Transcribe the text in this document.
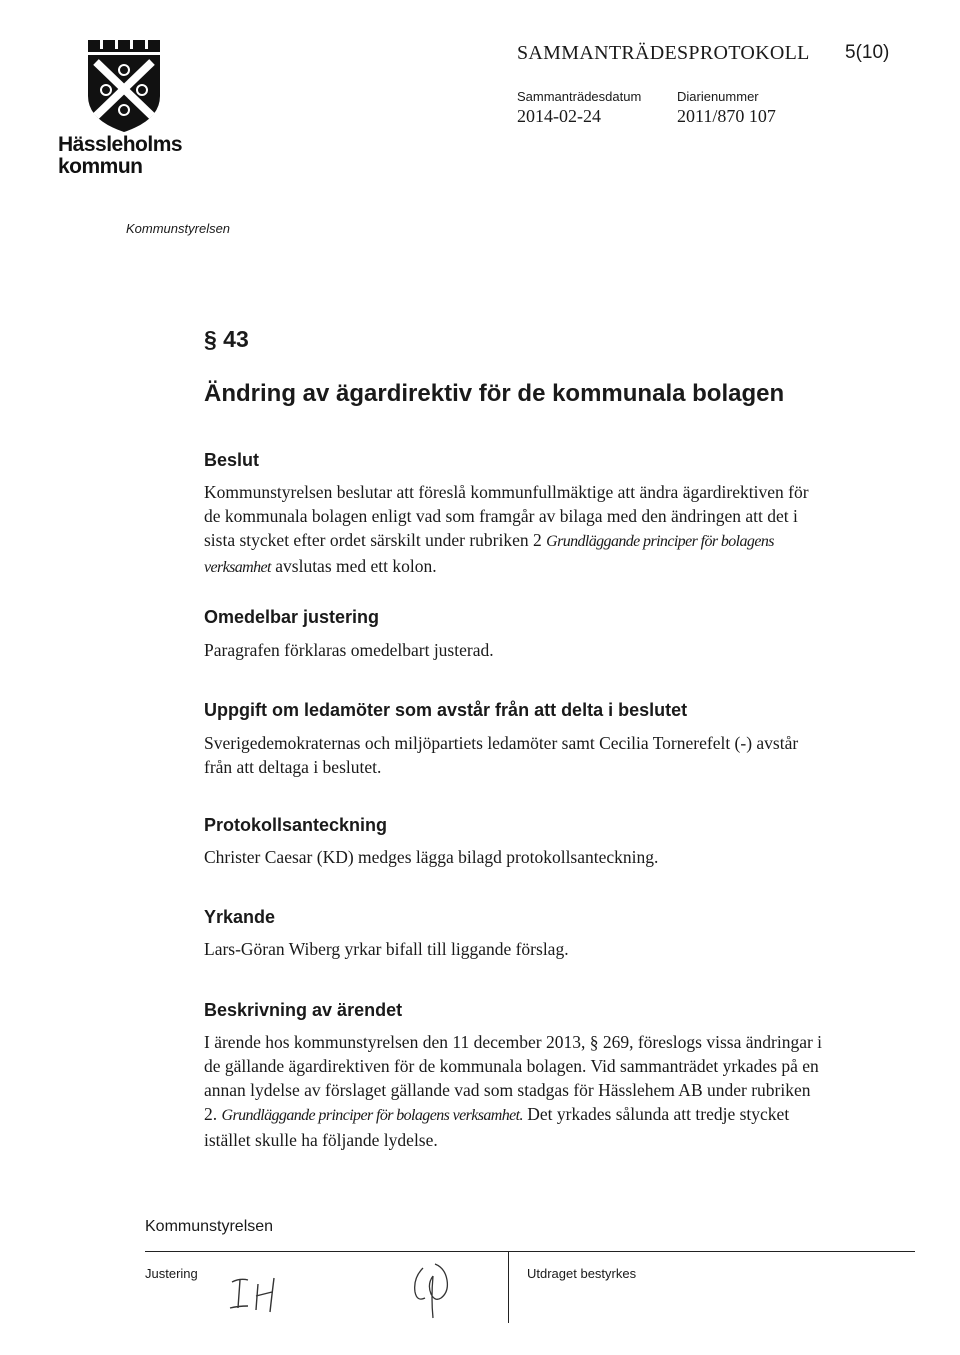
Hässleholms kommun
SAMMANTRÄDESPROTOKOLL 5(10)
Sammanträdesdatum
2014-02-24
Diarienummer
2011/870 107
Kommunstyrelsen
§ 43
Ändring av ägardirektiv för de kommunala bolagen
Beslut
Kommunstyrelsen beslutar att föreslå kommunfullmäktige att ändra ägardirektiven för de kommunala bolagen enligt vad som framgår av bilaga med den ändringen att det i sista stycket efter ordet särskilt under rubriken 2 Grundläggande principer för bolagens verksamhet avslutas med ett kolon.
Omedelbar justering
Paragrafen förklaras omedelbart justerad.
Uppgift om ledamöter som avstår från att delta i beslutet
Sverigedemokraternas och miljöpartiets ledamöter samt Cecilia Tornerefelt (-) avstår från att deltaga i beslutet.
Protokollsanteckning
Christer Caesar (KD) medges lägga bilagd protokollsanteckning.
Yrkande
Lars-Göran Wiberg yrkar bifall till liggande förslag.
Beskrivning av ärendet
I ärende hos kommunstyrelsen den 11 december 2013, § 269, föreslogs vissa ändringar i de gällande ägardirektiven för de kommunala bolagen. Vid sammanträdet yrkades på en annan lydelse av förslaget gällande vad som stadgas för Hässlehem AB under rubriken 2. Grundläggande principer för bolagens verksamhet. Det yrkades sålunda att tredje stycket istället skulle ha följande lydelse.
Kommunstyrelsen
Justering	Utdraget bestyrkes
